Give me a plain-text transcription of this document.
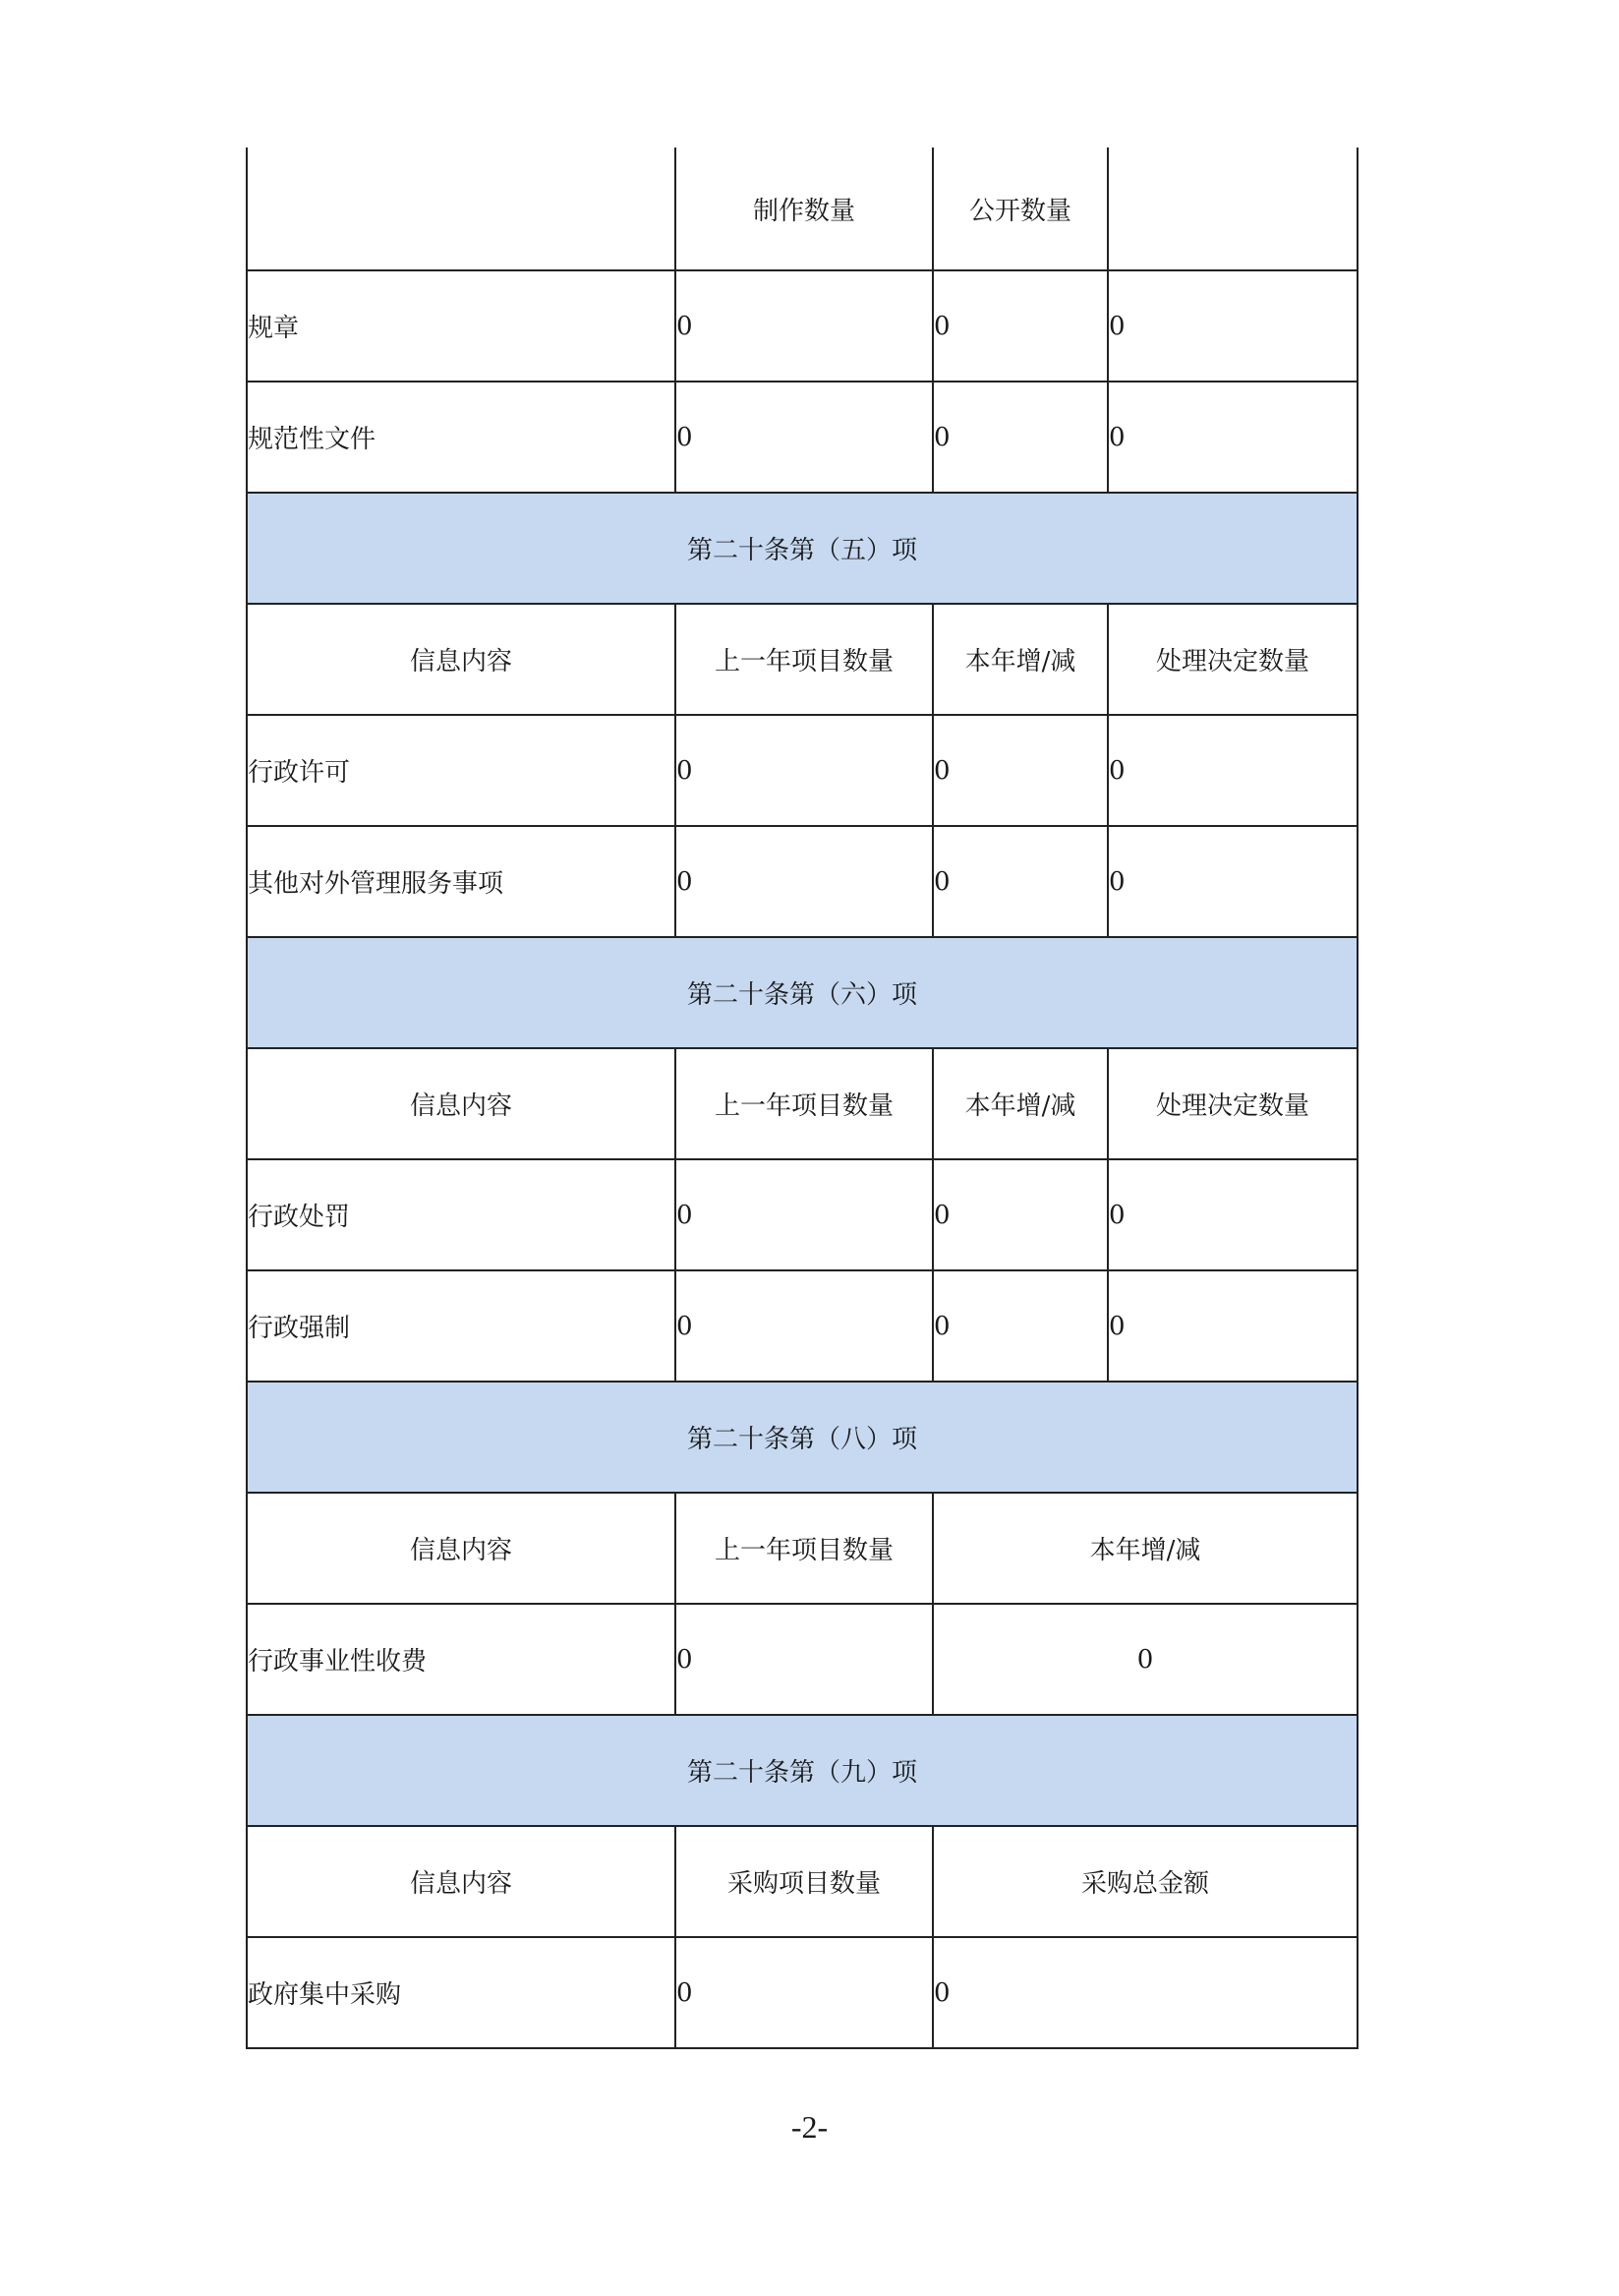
	制作数量	公开数量	
规章	0	0	0
规范性文件	0	0	0
第二十条第（五）项			
信息内容	上一年项目数量	本年增/减	处理决定数量
行政许可	0	0	0
其他对外管理服务事项	0	0	0
第二十条第（六）项			
信息内容	上一年项目数量	本年增/减	处理决定数量
行政处罚	0	0	0
行政强制	0	0	0
第二十条第（八）项			
信息内容	上一年项目数量	本年增/减	
行政事业性收费	0	0	
第二十条第（九）项			
信息内容	采购项目数量	采购总金额	
政府集中采购	0	0	
-2-
